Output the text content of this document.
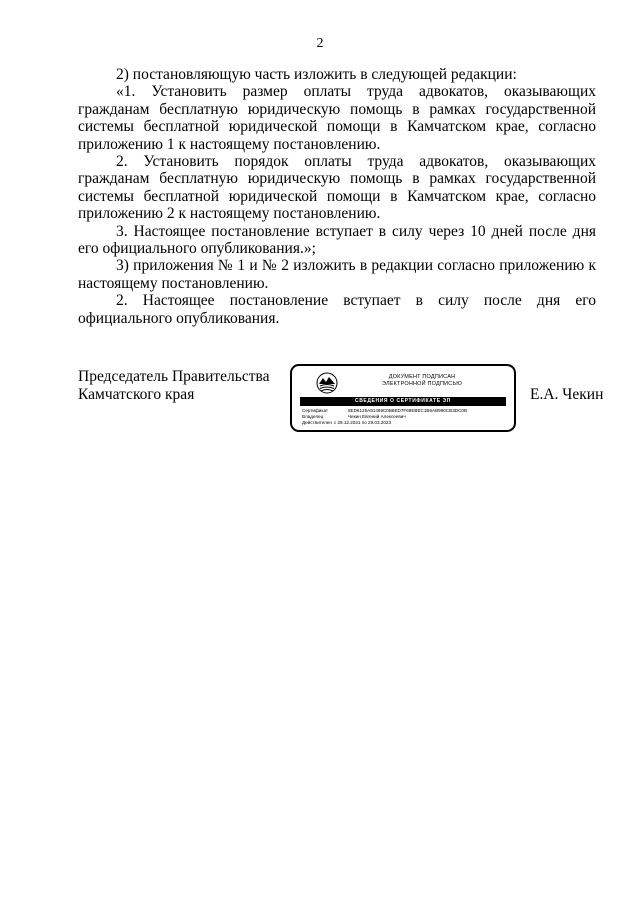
2

2) постановляющую часть изложить в следующей редакции:

«1. Установить размер оплаты труда адвокатов, оказывающих гражданам бесплатную юридическую помощь в рамках государственной системы бесплатной юридической помощи в Камчатском крае, согласно приложению 1 к настоящему постановлению.

2. Установить порядок оплаты труда адвокатов, оказывающих гражданам бесплатную юридическую помощь в рамках государственной системы бесплатной юридической помощи в Камчатском крае, согласно приложению 2 к настоящему постановлению.

3. Настоящее постановление вступает в силу через 10 дней после дня его официального опубликования.»;

3) приложения № 1 и № 2 изложить в редакции согласно приложению к настоящему постановлению.

2. Настоящее постановление вступает в силу после дня его официального опубликования.

Председатель Правительства
Камчатского края
ДОКУМЕНТ ПОДПИСАН
ЭЛЕКТРОННОЙ ПОДПИСЬЮ
СВЕДЕНИЯ О СЕРТИФИКАТЕ ЭП
Сертификат	5ED6125A91469C0B8ED7F69EBEC1B6AB990CB3DC0B
Владелец	Чекин Евгений Алексеевич
Действителен с 29.12.2021 по 29.03.2023
Е.А. Чекин
